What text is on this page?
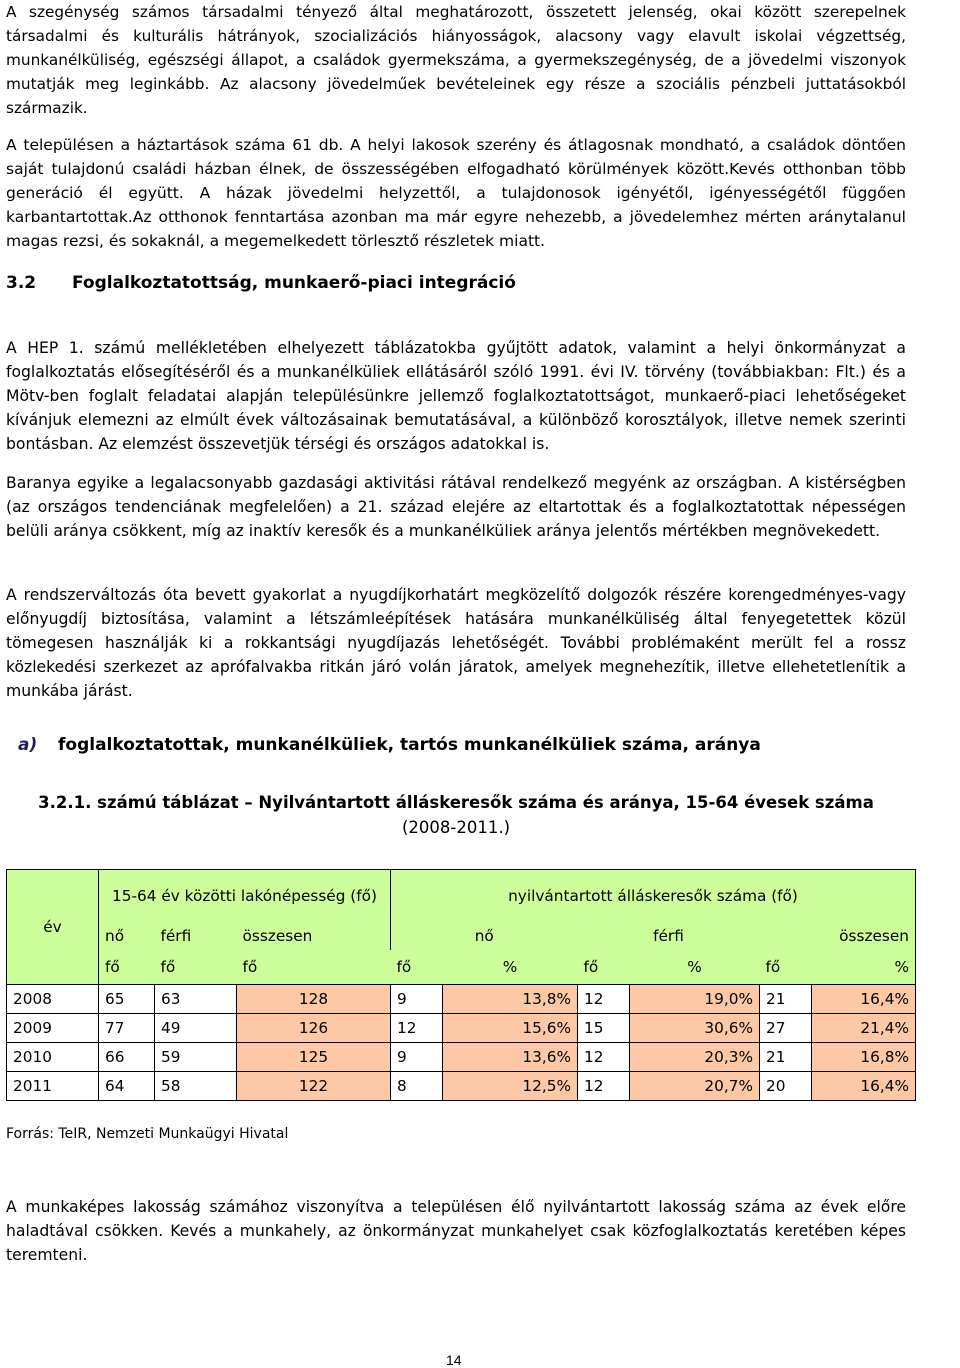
A szegénység számos társadalmi tényező által meghatározott, összetett jelenség, okai között szerepelnek társadalmi és kulturális hátrányok, szocializációs hiányosságok, alacsony vagy elavult iskolai végzettség, munkanélküliség, egészségi állapot, a családok gyermekszáma, a gyermekszegénység, de a jövedelmi viszonyok mutatják meg leginkább. Az alacsony jövedelműek bevételeinek egy része a szociális pénzbeli juttatásokból származik.

A településen a háztartások száma 61 db. A helyi lakosok szerény és átlagosnak mondható, a családok döntően saját tulajdonú családi házban élnek, de összességében elfogadható körülmények között.Kevés otthonban több generáció él együtt. A házak jövedelmi helyzettől, a tulajdonosok igényétől, igényességétől függően karbantartottak.Az otthonok fenntartása azonban ma már egyre nehezebb, a jövedelemhez mérten aránytalanul magas rezsi, és sokaknál, a megemelkedett törlesztő részletek miatt.

3.2 Foglalkoztatottság, munkaerő-piaci integráció

A HEP 1. számú mellékletében elhelyezett táblázatokba gyűjtött adatok, valamint a helyi önkormányzat a foglalkoztatás elősegítéséről és a munkanélküliek ellátásáról szóló 1991. évi IV. törvény (továbbiakban: Flt.) és a Mötv-ben foglalt feladatai alapján településünkre jellemző foglalkoztatottságot, munkaerő-piaci lehetőségeket kívánjuk elemezni az elmúlt évek változásainak bemutatásával, a különböző korosztályok, illetve nemek szerinti bontásban. Az elemzést összevetjük térségi és országos adatokkal is.

Baranya egyike a legalacsonyabb gazdasági aktivitási rátával rendelkező megyénk az országban. A kistérségben (az országos tendenciának megfelelően) a 21. század elejére az eltartottak és a foglalkoztatottak népességen belüli aránya csökkent, míg az inaktív keresők és a munkanélküliek aránya jelentős mértékben megnövekedett.

A rendszerváltozás óta bevett gyakorlat a nyugdíjkorhatárt megközelítő dolgozók részére korengedményes-vagy előnyugdíj biztosítása, valamint a létszámleépítések hatására munkanélküliség által fenyegetettek közül tömegesen használják ki a rokkantsági nyugdíjazás lehetőségét. További problémaként merült fel a rossz közlekedési szerkezet az aprófalvakba ritkán járó volán járatok, amelyek megnehezítik, illetve ellehetetlenítik a munkába járást.

a) foglalkoztatottak, munkanélküliek, tartós munkanélküliek száma, aránya

3.2.1. számú táblázat – Nyilvántartott álláskeresők száma és aránya, 15-64 évesek száma
(2008-2011.)

év	15-64 év közötti lakónépesség (fő)			nyilvántartott álláskeresők száma (fő)					
	nő	férfi	összesen	nő		férfi		összesen	
	fő	fő	fő	fő	%	fő	%	fő	%
2008	65	63	128	9	13,8%	12	19,0%	21	16,4%
2009	77	49	126	12	15,6%	15	30,6%	27	21,4%
2010	66	59	125	9	13,6%	12	20,3%	21	16,8%
2011	64	58	122	8	12,5%	12	20,7%	20	16,4%
Forrás: TeIR, Nemzeti Munkaügyi Hivatal

A munkaképes lakosság számához viszonyítva a településen élő nyilvántartott lakosság száma az évek előre haladtával csökken. Kevés a munkahely, az önkormányzat munkahelyet csak közfoglalkoztatás keretében képes teremteni.

14
